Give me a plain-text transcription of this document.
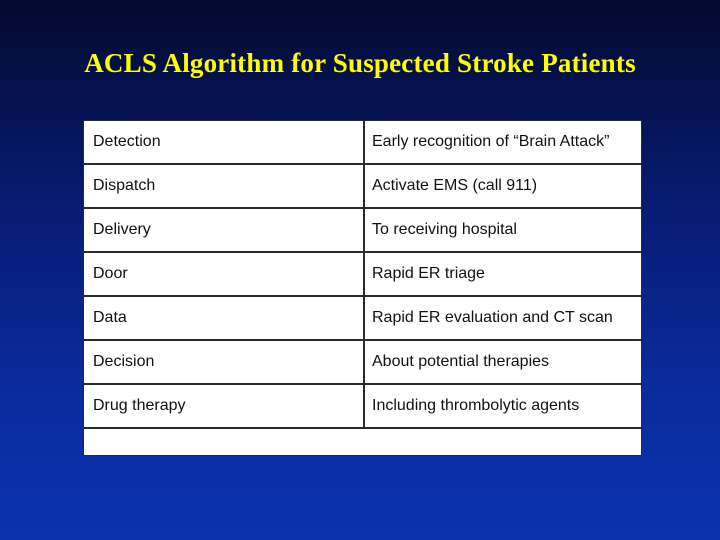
ACLS Algorithm for Suspected Stroke Patients
Detection	Early recognition of “Brain Attack”
Dispatch	Activate EMS (call 911)
Delivery	To receiving hospital
Door	Rapid ER triage
Data	Rapid ER evaluation and CT scan
Decision	About potential therapies
Drug therapy	Including thrombolytic agents
